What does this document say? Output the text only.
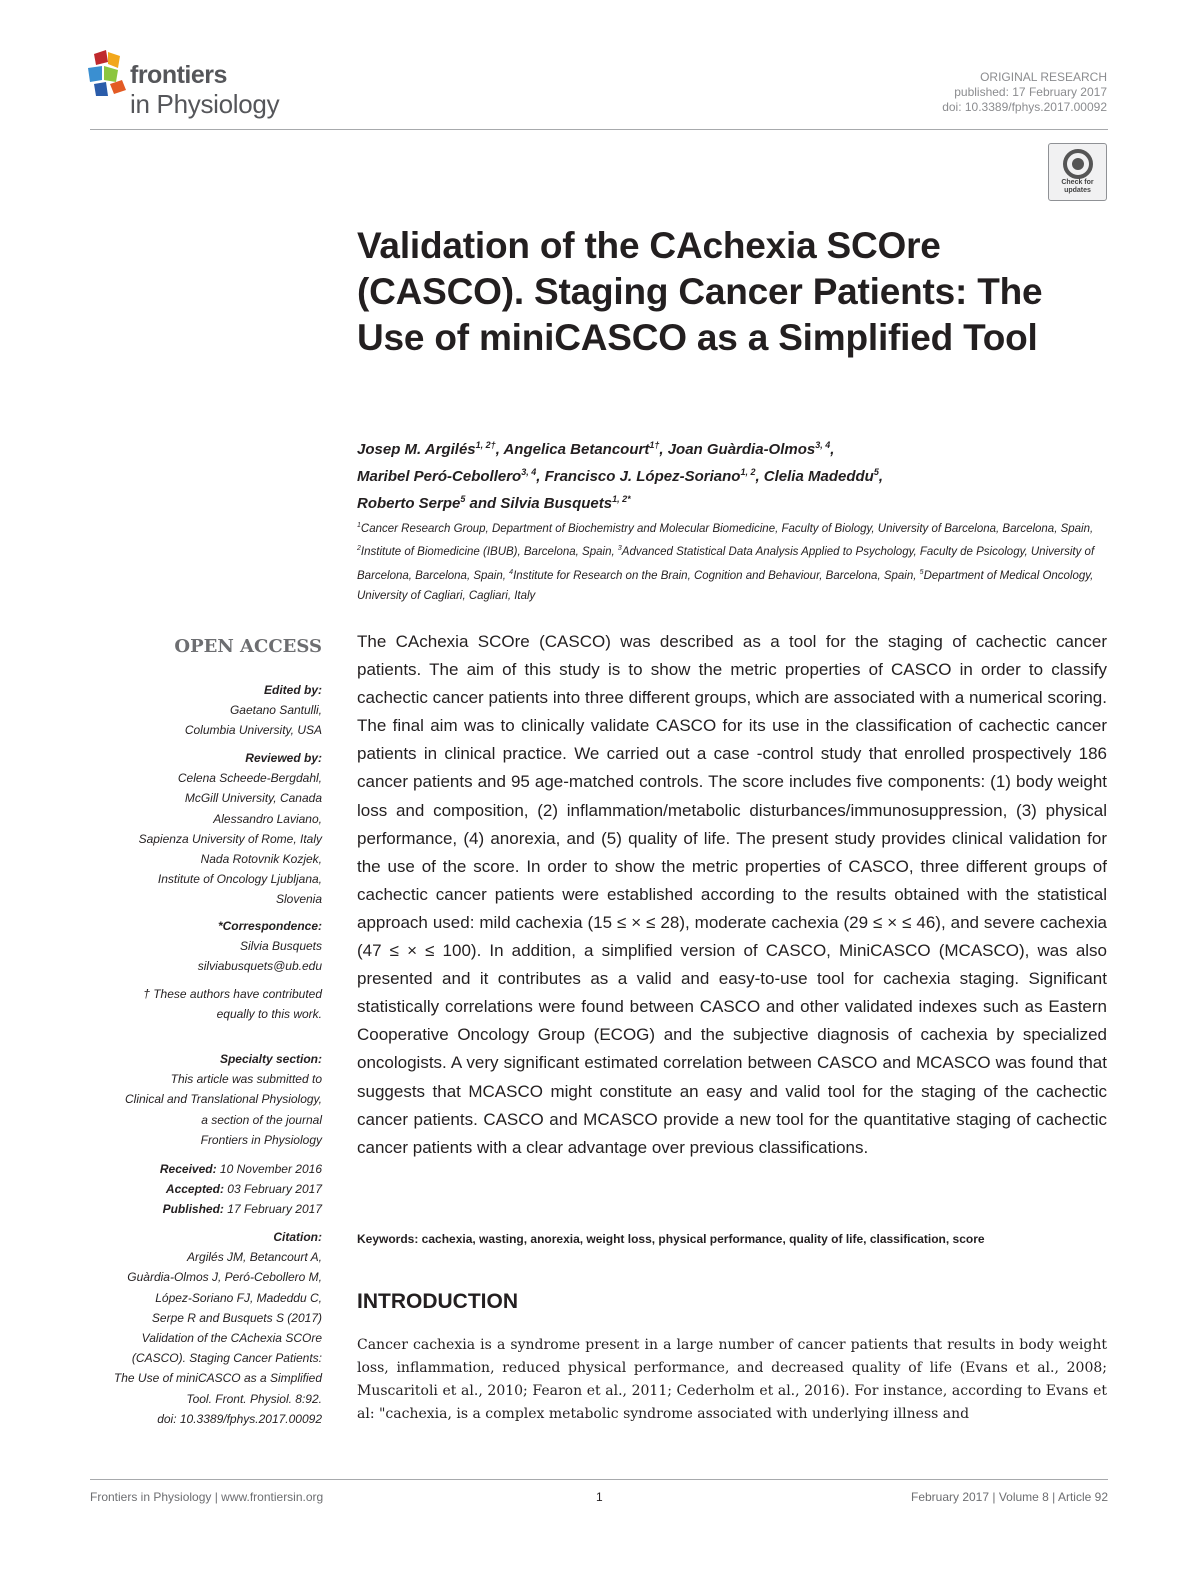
frontiers
in Physiology
ORIGINAL RESEARCH
published: 17 February 2017
doi: 10.3389/fphys.2017.00092
Check for
updates
Validation of the CAchexia SCOre (CASCO). Staging Cancer Patients: The Use of miniCASCO as a Simplified Tool
Josep M. Argilés$^{1, 2\dagger}$, Angelica Betancourt$^{1\dagger}$, Joan Guàrdia-Olmos$^{3, 4}$,
Maribel Peró-Cebollero$^{3, 4}$, Francisco J. López-Soriano$^{1, 2}$, Clelia Madeddu$^5$,
Roberto Serpe$^5$ and Silvia Busquets$^{1, 2*}$
$^1$Cancer Research Group, Department of Biochemistry and Molecular Biomedicine, Faculty of Biology, University of Barcelona, Barcelona, Spain, $^2$Institute of Biomedicine (IBUB), Barcelona, Spain, $^3$Advanced Statistical Data Analysis Applied to Psychology, Faculty de Psicology, University of Barcelona, Barcelona, Spain, $^4$Institute for Research on the Brain, Cognition and Behaviour, Barcelona, Spain, $^5$Department of Medical Oncology, University of Cagliari, Cagliari, Italy
OPEN ACCESS

Edited by:

Gaetano Santulli,

Columbia University, USA

Reviewed by:

Celena Scheede-Bergdahl,

McGill University, Canada

Alessandro Laviano,

Sapienza University of Rome, Italy

Nada Rotovnik Kozjek,

Institute of Oncology Ljubljana,

Slovenia

*Correspondence:

Silvia Busquets

silviabusquets@ub.edu

† These authors have contributed

equally to this work.

Specialty section:

This article was submitted to

Clinical and Translational Physiology,

a section of the journal

Frontiers in Physiology

Received: 10 November 2016

Accepted: 03 February 2017

Published: 17 February 2017

Citation:

Argilés JM, Betancourt A,

Guàrdia-Olmos J, Peró-Cebollero M,

López-Soriano FJ, Madeddu C,

Serpe R and Busquets S (2017)

Validation of the CAchexia SCOre

(CASCO). Staging Cancer Patients:

The Use of miniCASCO as a Simplified

Tool. Front. Physiol. 8:92.

doi: 10.3389/fphys.2017.00092

The CAchexia SCOre (CASCO) was described as a tool for the staging of cachectic cancer patients. The aim of this study is to show the metric properties of CASCO in order to classify cachectic cancer patients into three different groups, which are associated with a numerical scoring. The final aim was to clinically validate CASCO for its use in the classification of cachectic cancer patients in clinical practice. We carried out a case -control study that enrolled prospectively 186 cancer patients and 95 age-matched controls. The score includes five components: (1) body weight loss and composition, (2) inflammation/metabolic disturbances/immunosuppression, (3) physical performance, (4) anorexia, and (5) quality of life. The present study provides clinical validation for the use of the score. In order to show the metric properties of CASCO, three different groups of cachectic cancer patients were established according to the results obtained with the statistical approach used: mild cachexia (15 ≤ × ≤ 28), moderate cachexia (29 ≤ × ≤ 46), and severe cachexia (47 ≤ × ≤ 100). In addition, a simplified version of CASCO, MiniCASCO (MCASCO), was also presented and it contributes as a valid and easy-to-use tool for cachexia staging. Significant statistically correlations were found between CASCO and other validated indexes such as Eastern Cooperative Oncology Group (ECOG) and the subjective diagnosis of cachexia by specialized oncologists. A very significant estimated correlation between CASCO and MCASCO was found that suggests that MCASCO might constitute an easy and valid tool for the staging of the cachectic cancer patients. CASCO and MCASCO provide a new tool for the quantitative staging of cachectic cancer patients with a clear advantage over previous classifications.
Keywords: cachexia, wasting, anorexia, weight loss, physical performance, quality of life, classification, score
INTRODUCTION
Cancer cachexia is a syndrome present in a large number of cancer patients that results in body weight loss, inflammation, reduced physical performance, and decreased quality of life (Evans et al., 2008; Muscaritoli et al., 2010; Fearon et al., 2011; Cederholm et al., 2016). For instance, according to Evans et al: "cachexia, is a complex metabolic syndrome associated with underlying illness and
Frontiers in Physiology | www.frontiersin.org	1	February 2017 | Volume 8 | Article 92
